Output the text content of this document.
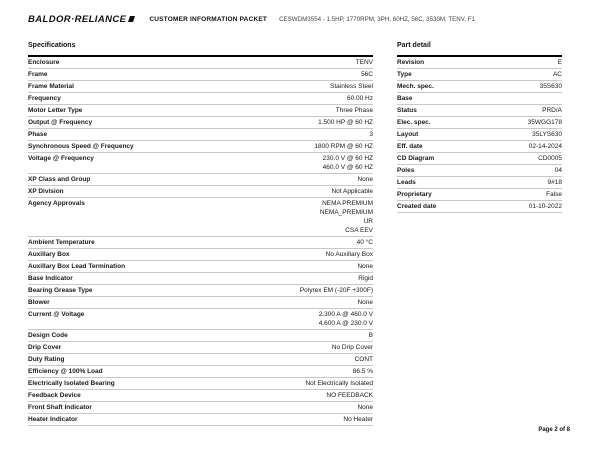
BALDOR·RELIANCE	CUSTOMER INFORMATION PACKET CESWDM3554 - 1.5HP, 1770RPM, 3PH, 60HZ, 56C, 3530M, TENV, F1
Specifications
Enclosure	TENV
Frame	56C
Frame Material	Stainless Steel
Frequency	60.00 Hz
Motor Letter Type	Three Phase
Output @ Frequency	1.500 HP @ 60 HZ
Phase	3
Synchronous Speed @ Frequency	1800 RPM @ 60 HZ
Voltage @ Frequency	230.0 V @ 60 HZ
460.0 V @ 60 HZ
XP Class and Group	None
XP Division	Not Applicable
Agency Approvals	NEMA PREMIUM
NEMA_PREMIUM
UR
CSA EEV
Ambient Temperature	40 °C
Auxillary Box	No Auxillary Box
Auxillary Box Lead Termination	None
Base Indicator	Rigid
Bearing Grease Type	Polyrex EM (-20F +300F)
Blower	None
Current @ Voltage	2.300 A @ 460.0 V
4.600 A @ 230.0 V
Design Code	B
Drip Cover	No Drip Cover
Duty Rating	CONT
Efficiency @ 100% Load	86.5 %
Electrically Isolated Bearing	Not Electrically Isolated
Feedback Device	NO FEEDBACK
Front Shaft Indicator	None
Heater Indicator	No Heater
Part detail
Revision	E
Type	AC
Mech. spec.	35S630
Base
Status	PRD/A
Elec. spec.	35WGG178
Layout	35LYS630
Eff. date	02-14-2024
CD Diagram	CD0005
Poles	04
Leads	9#18
Proprietary	False
Created date	01-10-2022
Page 2 of 8
